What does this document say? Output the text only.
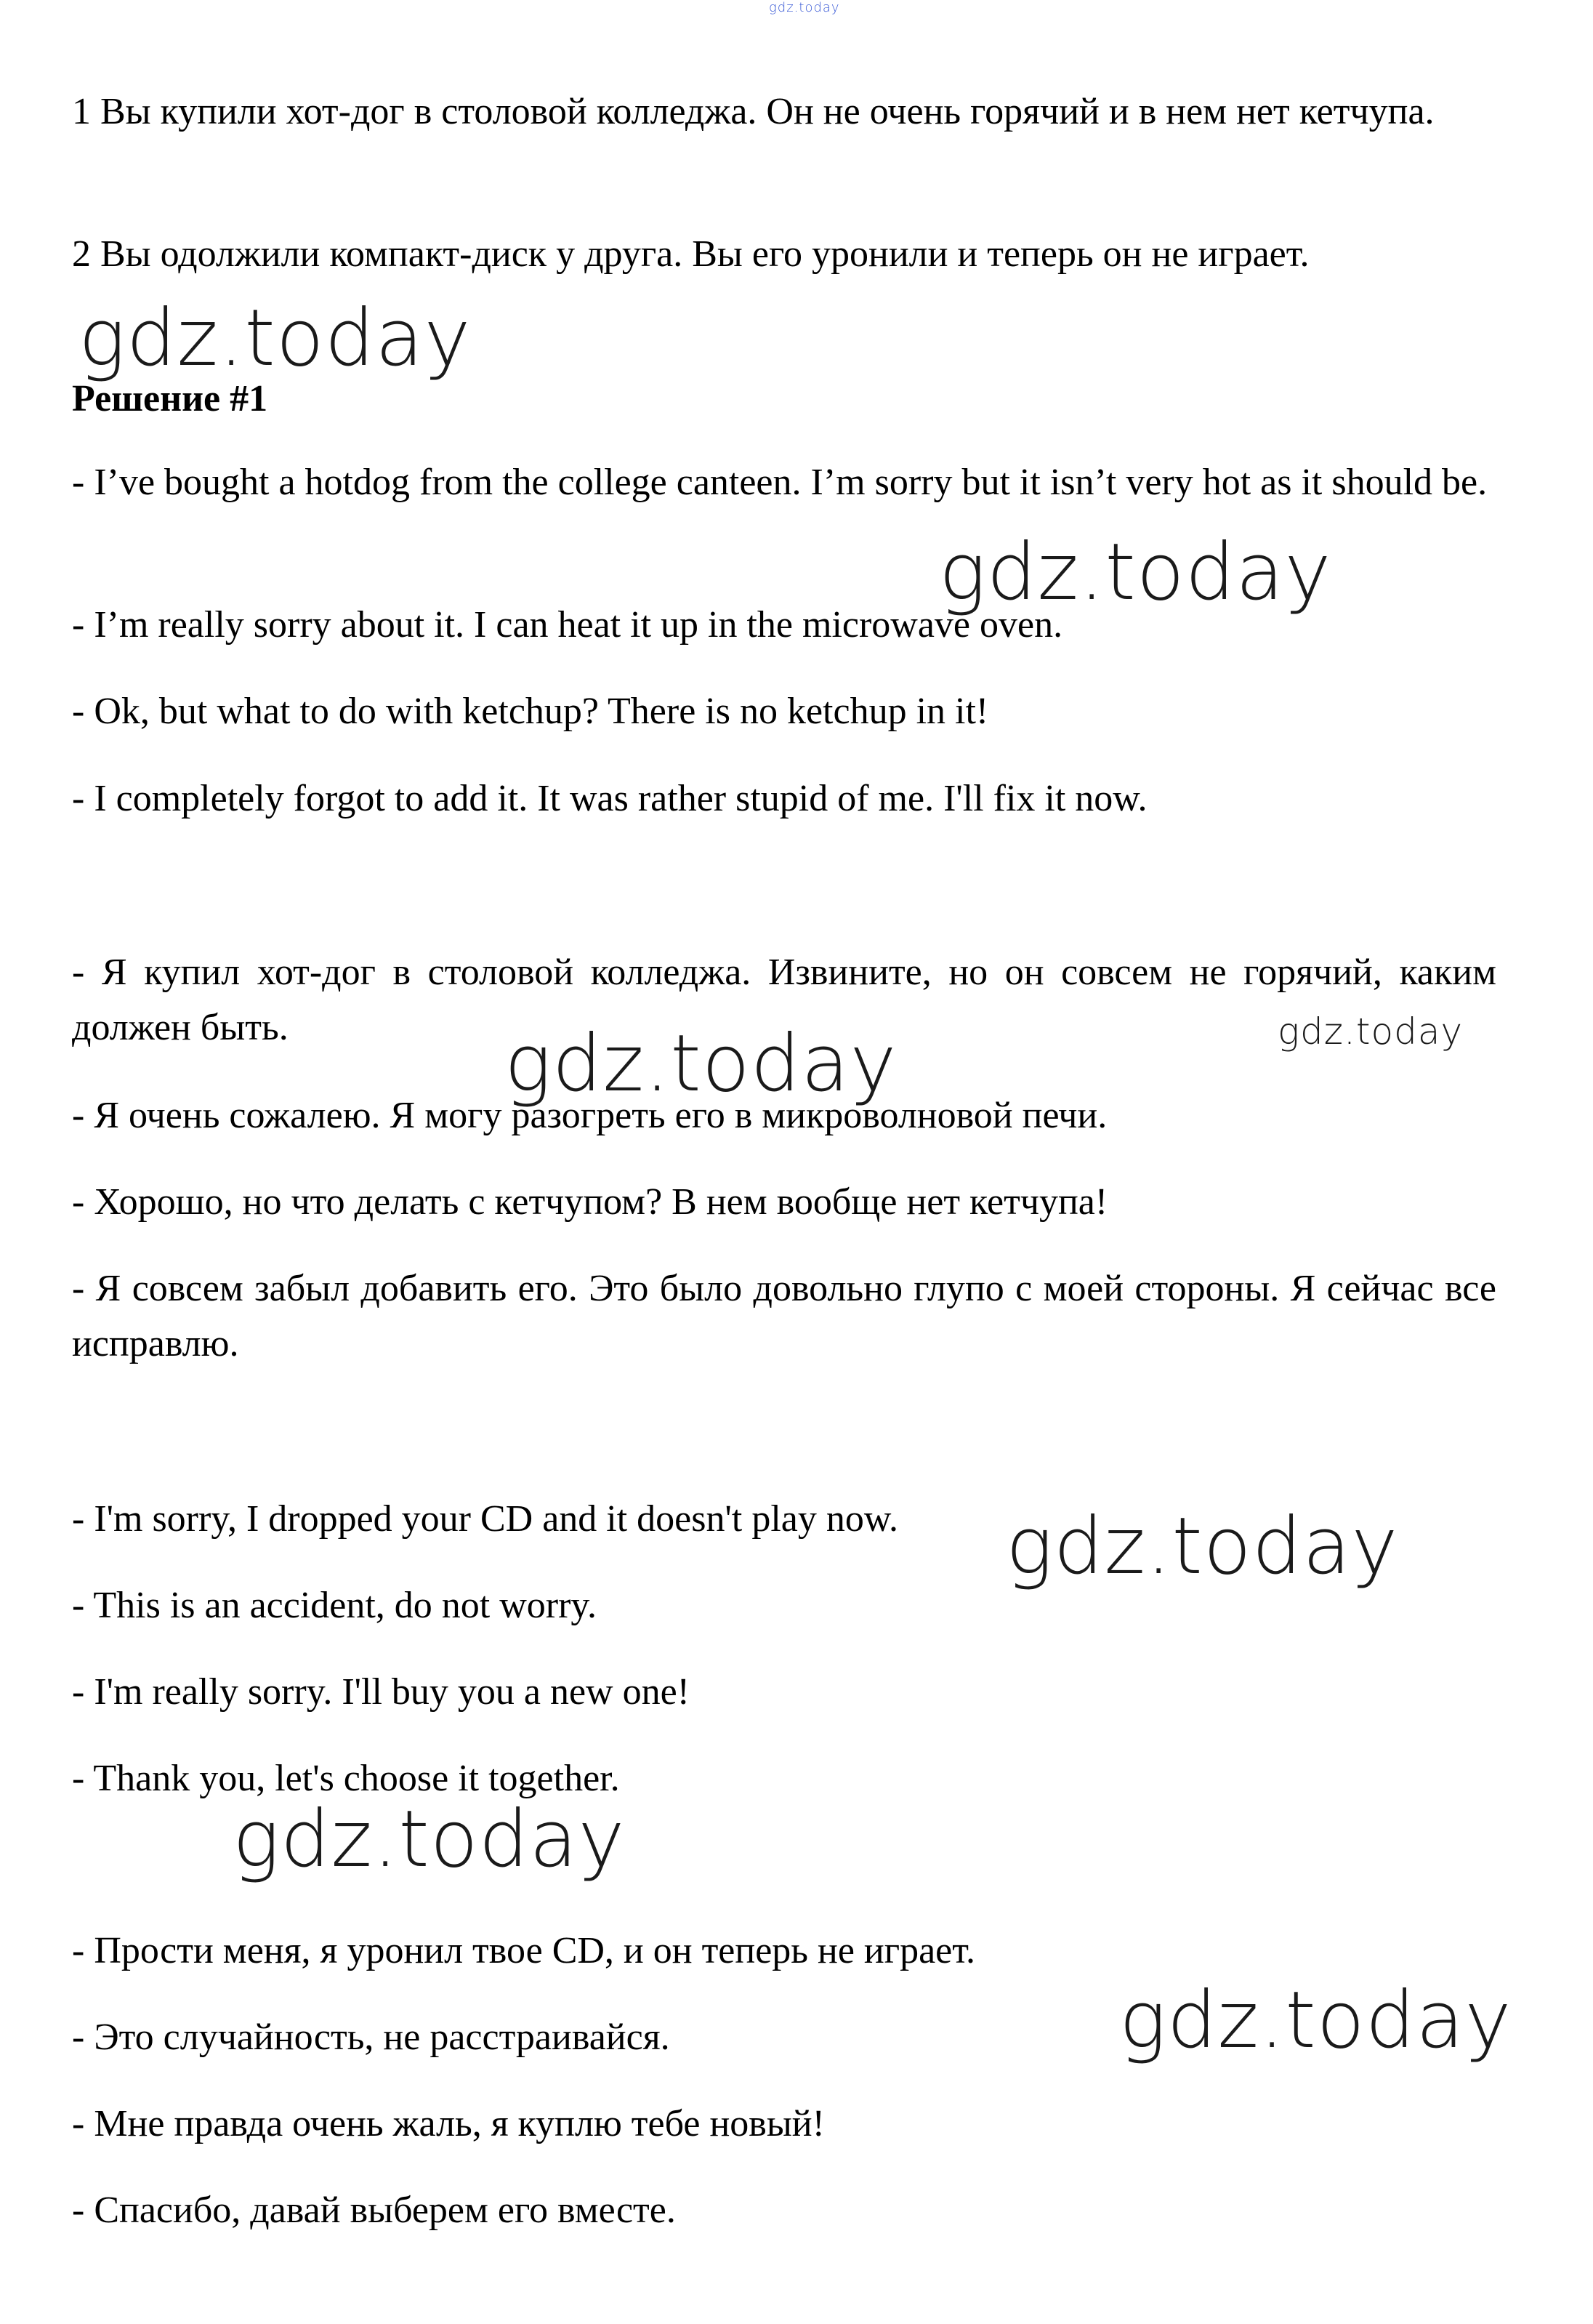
gdz.today

1 Вы купили хот-дог в столовой колледжа. Он не очень горячий и в нем нет кетчупа.

2 Вы одолжили компакт-диск у друга. Вы его уронили и теперь он не играет.

Решение #1

- I’ve bought a hotdog from the college canteen. I’m sorry but it isn’t very hot as it should be.

- I’m really sorry about it. I can heat it up in the microwave oven.

- Ok, but what to do with ketchup? There is no ketchup in it!

- I completely forgot to add it. It was rather stupid of me. I'll fix it now.

- Я купил хот-дог в столовой колледжа. Извините, но он совсем не горячий, каким должен быть.

- Я очень сожалею. Я могу разогреть его в микроволновой печи.

- Хорошо, но что делать с кетчупом? В нем вообще нет кетчупа!

- Я совсем забыл добавить его. Это было довольно глупо с моей стороны. Я сейчас все исправлю.

- I'm sorry, I dropped your CD and it doesn't play now.

- This is an accident, do not worry.

- I'm really sorry. I'll buy you a new one!

- Thank you, let's choose it together.

- Прости меня, я уронил твое CD, и он теперь не играет.

- Это случайность, не расстраивайся.

- Мне правда очень жаль, я куплю тебе новый!

- Спасибо, давай выберем его вместе.

gdz.today
gdz.today
gdz.today
gdz.today
gdz.today
gdz.today
gdz.today
